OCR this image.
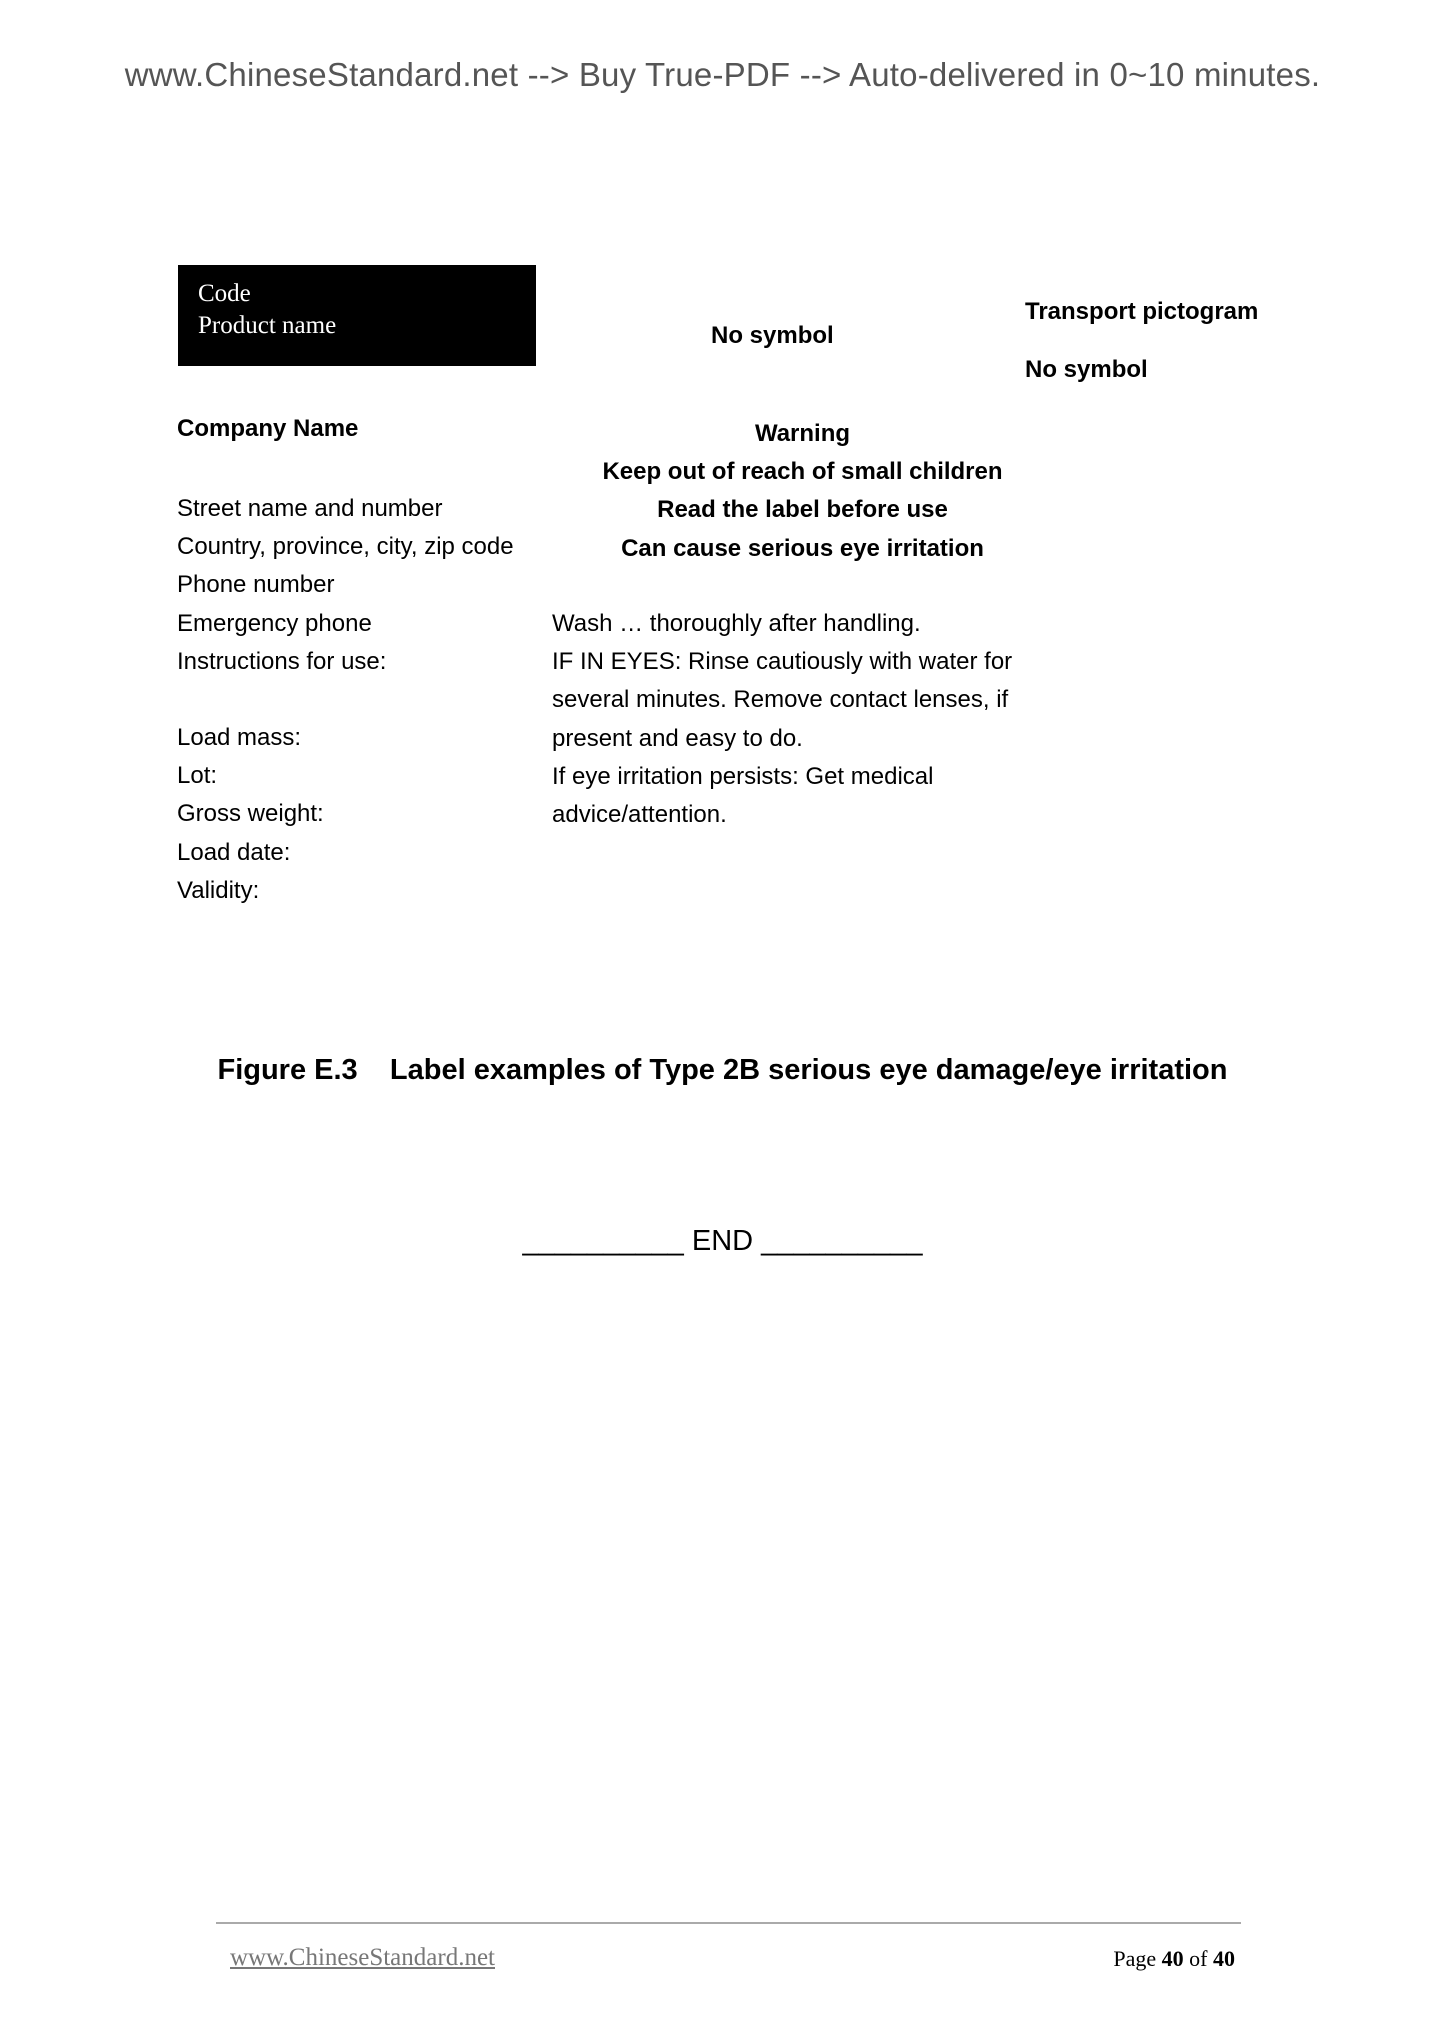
www.ChineseStandard.net --> Buy True-PDF --> Auto-delivered in 0~10 minutes.
Code
Product name	No symbol
Transport pictogram
No symbol
Company Name
Street name and number
Country, province, city, zip code
Phone number
Emergency phone
Instructions for use:
Load mass:
Lot:
Gross weight:
Load date:
Validity:
Warning
Keep out of reach of small children
Read the label before use
Can cause serious eye irritation
Wash … thoroughly after handling.
IF IN EYES: Rinse cautiously with water for
several minutes. Remove contact lenses, if
present and easy to do.
If eye irritation persists: Get medical
advice/attention.
Figure E.3    Label examples of Type 2B serious eye damage/eye irritation
__________ END __________
www.ChineseStandard.net	Page 40 of 40
